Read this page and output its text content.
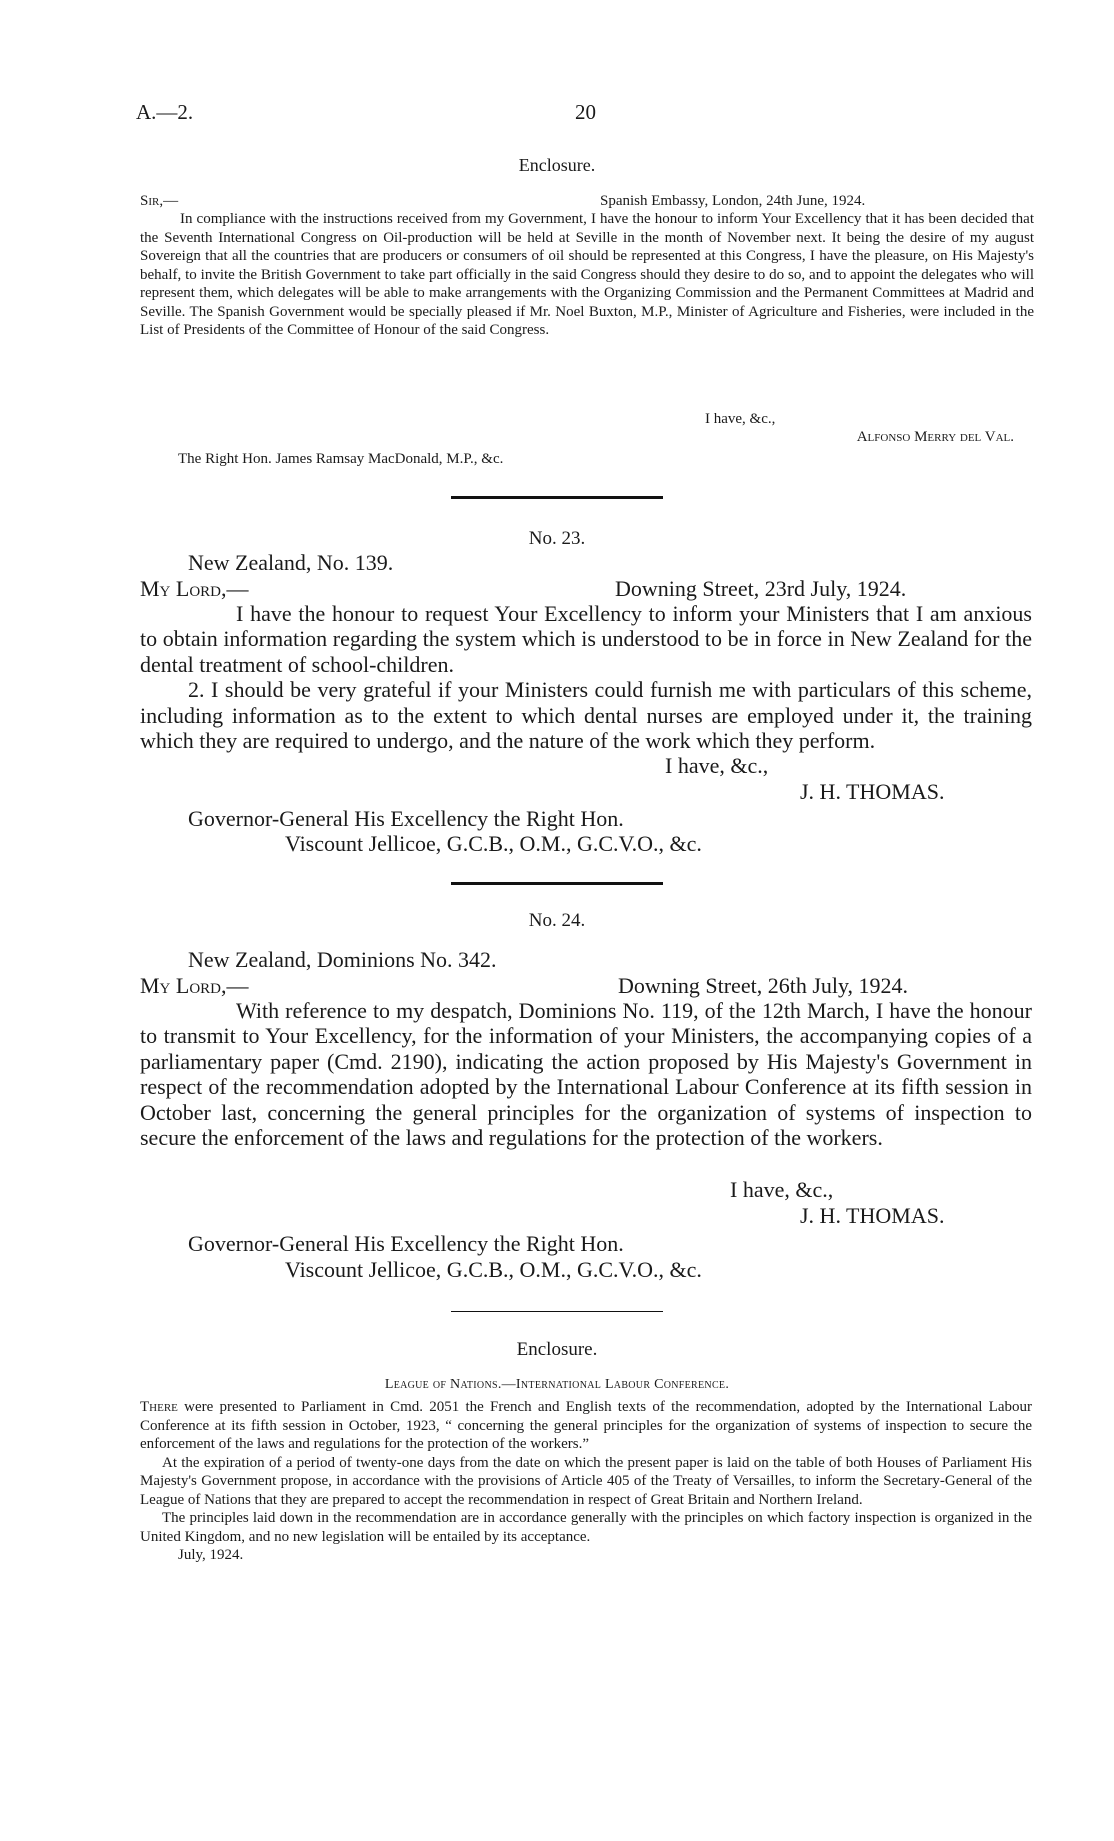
A.—2.	20
Enclosure.
Sir,—	Spanish Embassy, London, 24th June, 1924.

In compliance with the instructions received from my Government, I have the honour to inform Your Excellency that it has been decided that the Seventh International Congress on Oil-production will be held at Seville in the month of November next. It being the desire of my august Sovereign that all the countries that are producers or consumers of oil should be represented at this Congress, I have the pleasure, on His Majesty's behalf, to invite the British Government to take part officially in the said Congress should they desire to do so, and to appoint the delegates who will represent them, which delegates will be able to make arrangements with the Organizing Commission and the Permanent Committees at Madrid and Seville. The Spanish Government would be specially pleased if Mr. Noel Buxton, M.P., Minister of Agriculture and Fisheries, were included in the List of Presidents of the Committee of Honour of the said Congress.

I have, &c.,
Alfonso Merry del Val.
The Right Hon. James Ramsay MacDonald, M.P., &c.
No. 23.
New Zealand, No. 139.
My Lord,—	Downing Street, 23rd July, 1924.

I have the honour to request Your Excellency to inform your Ministers that I am anxious to obtain information regarding the system which is understood to be in force in New Zealand for the dental treatment of school-children.

2. I should be very grateful if your Ministers could furnish me with particulars of this scheme, including information as to the extent to which dental nurses are employed under it, the training which they are required to undergo, and the nature of the work which they perform.

I have, &c.,
J. H. THOMAS.
Governor-General His Excellency the Right Hon.
Viscount Jellicoe, G.C.B., O.M., G.C.V.O., &c.
No. 24.
New Zealand, Dominions No. 342.
My Lord,—	Downing Street, 26th July, 1924.

With reference to my despatch, Dominions No. 119, of the 12th March, I have the honour to transmit to Your Excellency, for the information of your Ministers, the accompanying copies of a parliamentary paper (Cmd. 2190), indicating the action proposed by His Majesty's Government in respect of the recommendation adopted by the International Labour Conference at its fifth session in October last, concerning the general principles for the organization of systems of inspection to secure the enforcement of the laws and regulations for the protection of the workers.

I have, &c.,
J. H. THOMAS.
Governor-General His Excellency the Right Hon.
Viscount Jellicoe, G.C.B., O.M., G.C.V.O., &c.
Enclosure.
League of Nations.—International Labour Conference.

There were presented to Parliament in Cmd. 2051 the French and English texts of the recommendation, adopted by the International Labour Conference at its fifth session in October, 1923, “ concerning the general principles for the organization of systems of inspection to secure the enforcement of the laws and regulations for the protection of the workers.”

At the expiration of a period of twenty-one days from the date on which the present paper is laid on the table of both Houses of Parliament His Majesty's Government propose, in accordance with the provisions of Article 405 of the Treaty of Versailles, to inform the Secretary-General of the League of Nations that they are prepared to accept the recommendation in respect of Great Britain and Northern Ireland.

The principles laid down in the recommendation are in accordance generally with the principles on which factory inspection is organized in the United Kingdom, and no new legislation will be entailed by its acceptance.

July, 1924.
